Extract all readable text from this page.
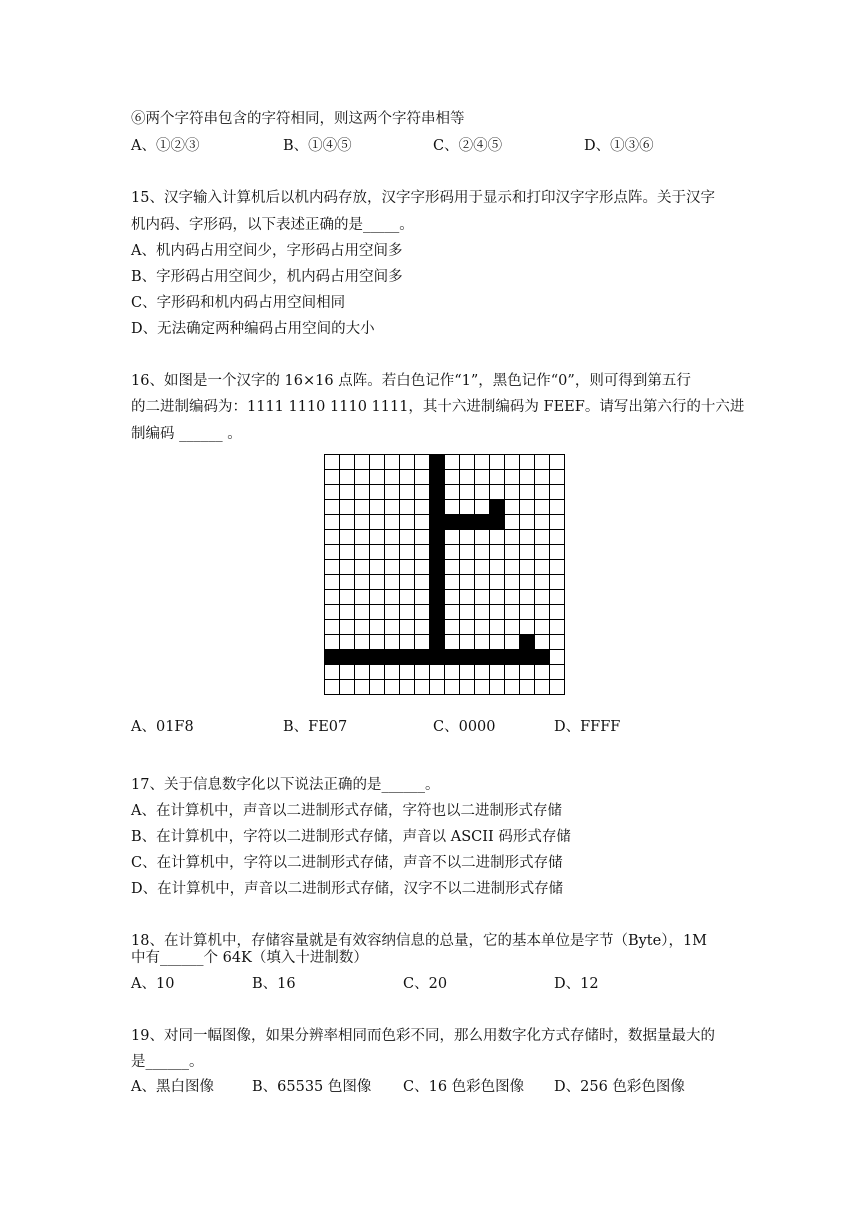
⑥两个字符串包含的字符相同，则这两个字符串相等
A、①②③	B、①④⑤	C、②④⑤	D、①③⑥
15、汉字输入计算机后以机内码存放，汉字字形码用于显示和打印汉字字形点阵。关于汉字
机内码、字形码，以下表述正确的是_____。
A、机内码占用空间少，字形码占用空间多
B、字形码占用空间少，机内码占用空间多
C、字形码和机内码占用空间相同
D、无法确定两种编码占用空间的大小
16、如图是一个汉字的 16×16 点阵。若白色记作“1”，黑色记作“0”，则可得到第五行
的二进制编码为：1111 1110 1110 1111，其十六进制编码为 FEEF。请写出第六行的十六进
制编码 ______ 。
A、01F8	B、FE07	C、0000	D、FFFF
17、关于信息数字化以下说法正确的是______。
A、在计算机中，声音以二进制形式存储，字符也以二进制形式存储
B、在计算机中，字符以二进制形式存储，声音以 ASCII 码形式存储
C、在计算机中，字符以二进制形式存储，声音不以二进制形式存储
D、在计算机中，声音以二进制形式存储，汉字不以二进制形式存储
18、在计算机中，存储容量就是有效容纳信息的总量，它的基本单位是字节（Byte），1M
中有______个 64K（填入十进制数）
A、10	B、16	C、20	D、12
19、对同一幅图像，如果分辨率相同而色彩不同，那么用数字化方式存储时，数据量最大的
是______。
A、黑白图像	B、65535 色图像 C、16 色彩色图像 D、256 色彩色图像
